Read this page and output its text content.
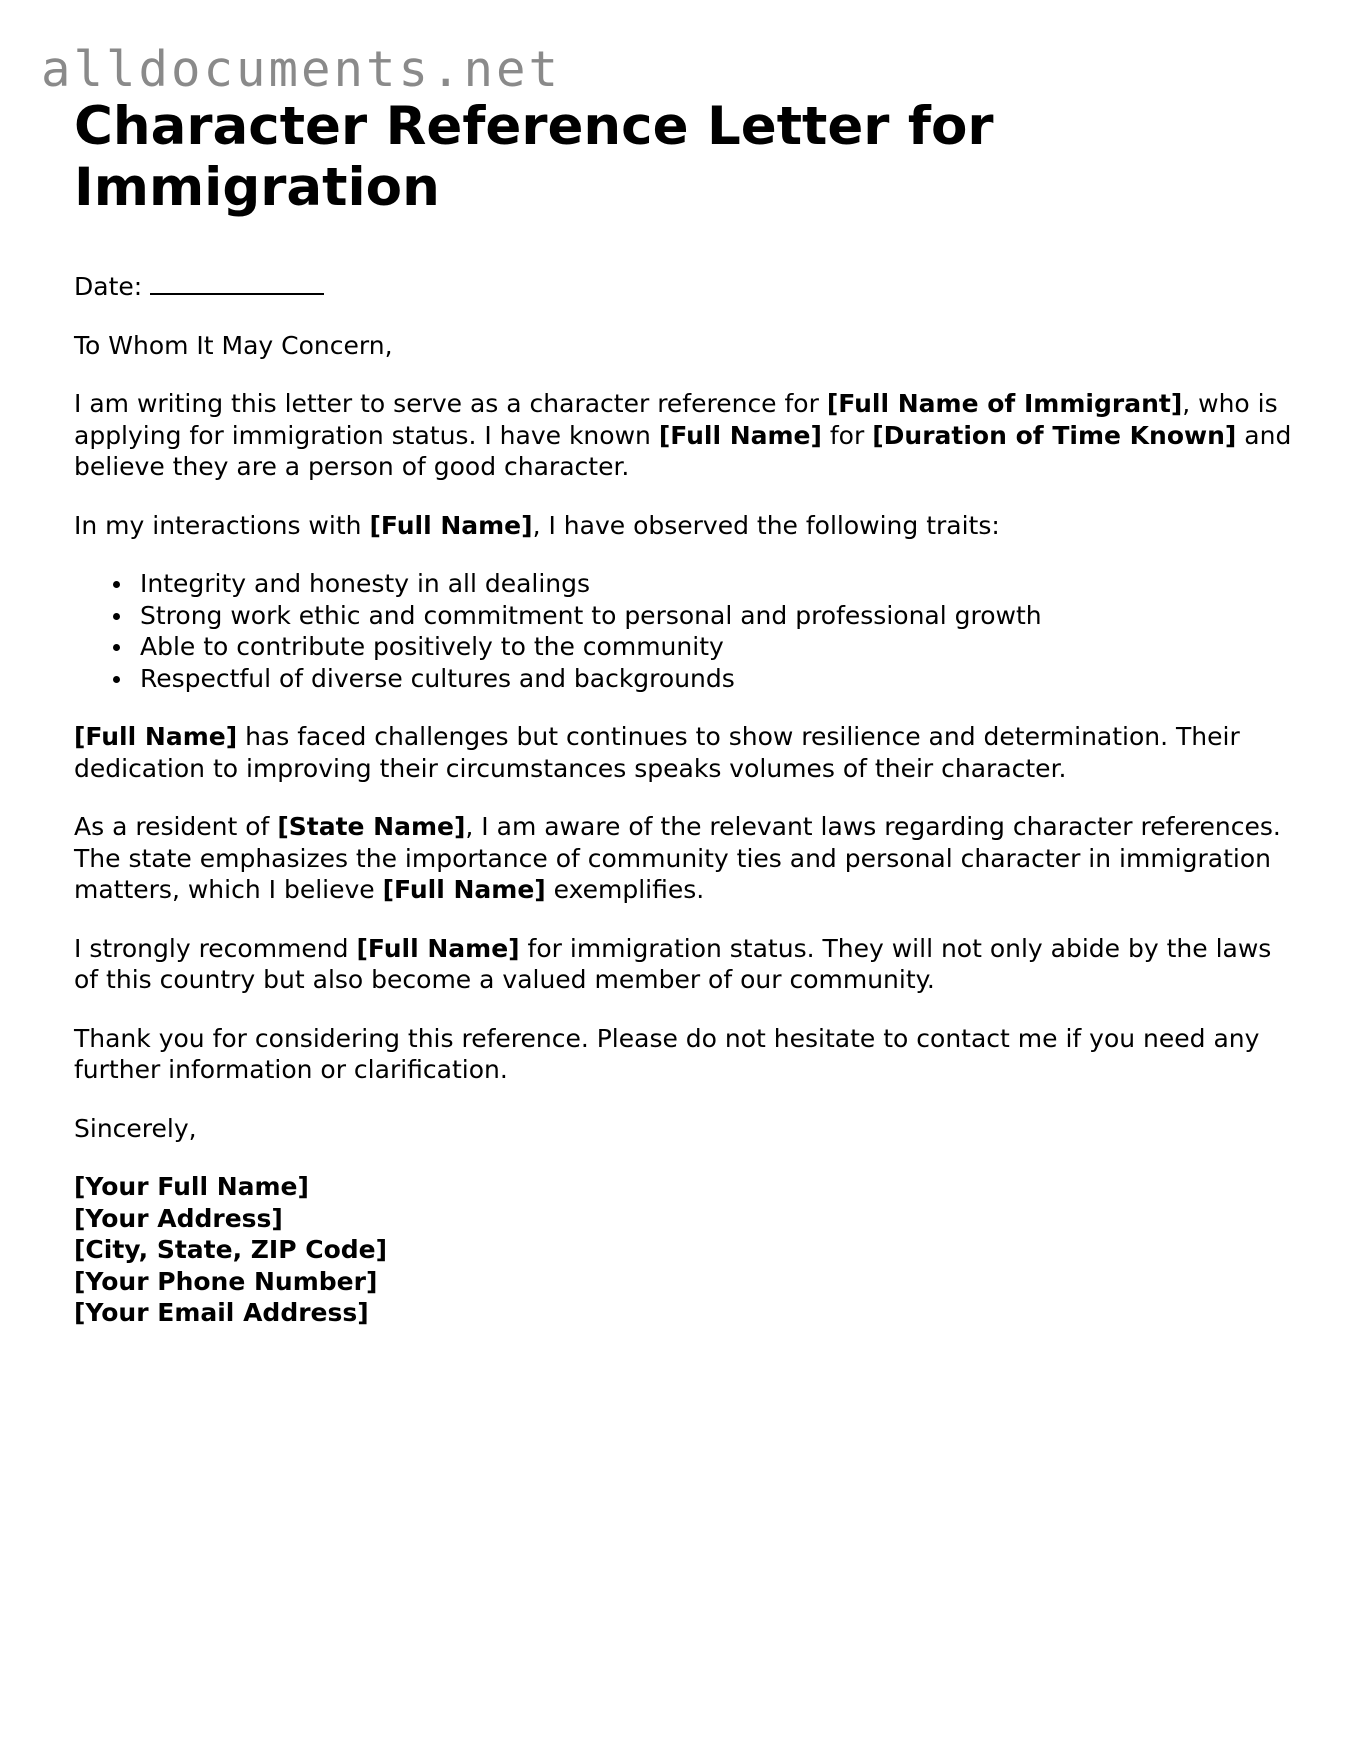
alldocuments.net
Character Reference Letter for Immigration

Date:

To Whom It May Concern,

I am writing this letter to serve as a character reference for [Full Name of Immigrant], who is applying for immigration status. I have known [Full Name] for [Duration of Time Known] and believe they are a person of good character.

In my interactions with [Full Name], I have observed the following traits:

Integrity and honesty in all dealings
Strong work ethic and commitment to personal and professional growth
Able to contribute positively to the community
Respectful of diverse cultures and backgrounds

[Full Name] has faced challenges but continues to show resilience and determination. Their dedication to improving their circumstances speaks volumes of their character.

As a resident of [State Name], I am aware of the relevant laws regarding character references. The state emphasizes the importance of community ties and personal character in immigration matters, which I believe [Full Name] exemplifies.

I strongly recommend [Full Name] for immigration status. They will not only abide by the laws of this country but also become a valued member of our community.

Thank you for considering this reference. Please do not hesitate to contact me if you need any further information or clarification.

Sincerely,

[Your Full Name]
[Your Address]
[City, State, ZIP Code]
[Your Phone Number]
[Your Email Address]
